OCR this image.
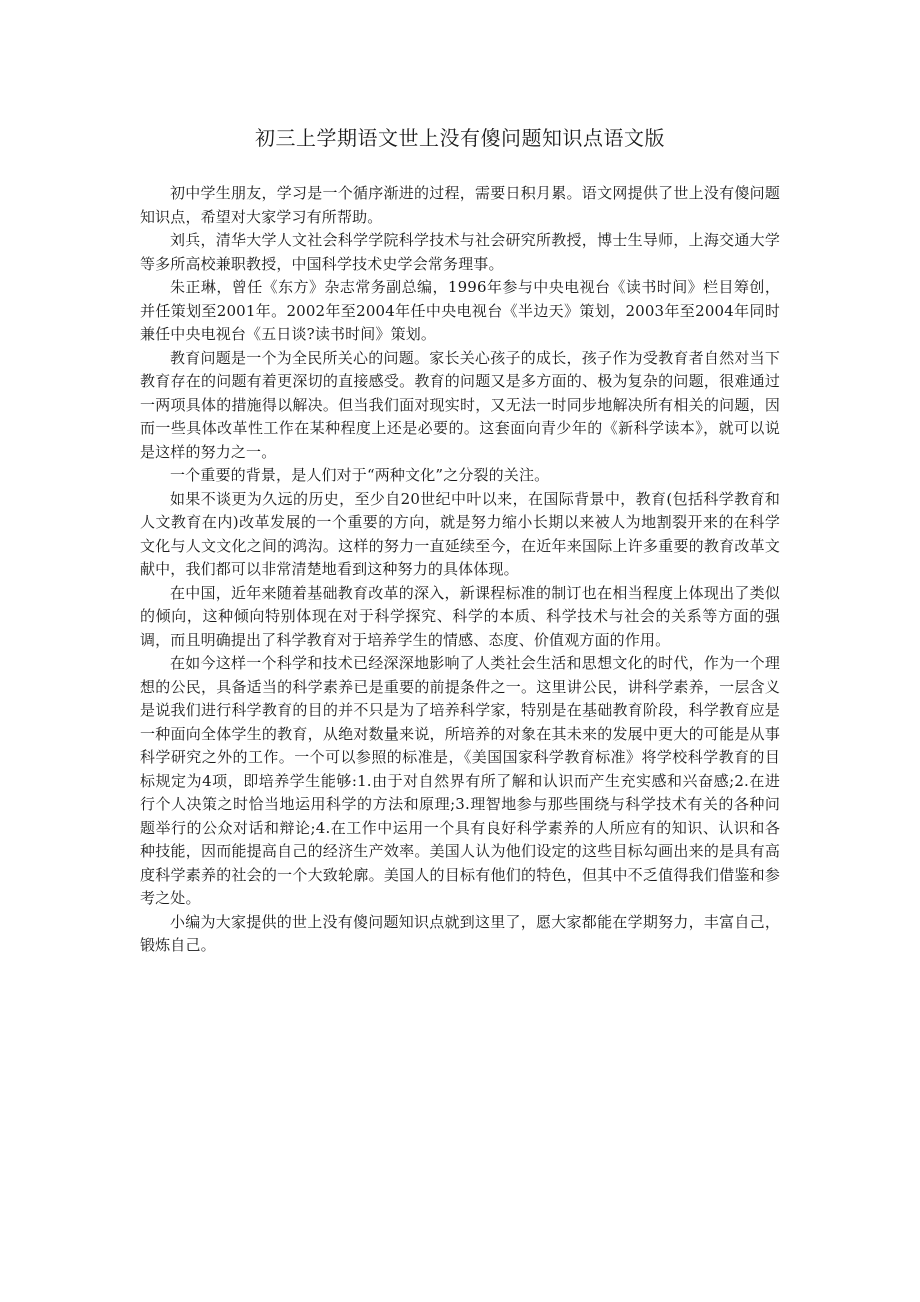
初三上学期语文世上没有傻问题知识点语文版

初中学生朋友，学习是一个循序渐进的过程，需要日积月累。语文网提供了世上没有傻问题知识点，希望对大家学习有所帮助。

刘兵，清华大学人文社会科学学院科学技术与社会研究所教授，博士生导师，上海交通大学等多所高校兼职教授，中国科学技术史学会常务理事。

朱正琳，曾任《东方》杂志常务副总编，1996年参与中央电视台《读书时间》栏目筹创，并任策划至2001年。2002年至2004年任中央电视台《半边天》策划，2003年至2004年同时兼任中央电视台《五日谈?读书时间》策划。

教育问题是一个为全民所关心的问题。家长关心孩子的成长，孩子作为受教育者自然对当下教育存在的问题有着更深切的直接感受。教育的问题又是多方面的、极为复杂的问题，很难通过一两项具体的措施得以解决。但当我们面对现实时，又无法一时同步地解决所有相关的问题，因而一些具体改革性工作在某种程度上还是必要的。这套面向青少年的《新科学读本》，就可以说是这样的努力之一。

一个重要的背景，是人们对于“两种文化”之分裂的关注。

如果不谈更为久远的历史，至少自20世纪中叶以来，在国际背景中，教育(包括科学教育和人文教育在内)改革发展的一个重要的方向，就是努力缩小长期以来被人为地割裂开来的在科学文化与人文文化之间的鸿沟。这样的努力一直延续至今，在近年来国际上许多重要的教育改革文献中，我们都可以非常清楚地看到这种努力的具体体现。

在中国，近年来随着基础教育改革的深入，新课程标准的制订也在相当程度上体现出了类似的倾向，这种倾向特别体现在对于科学探究、科学的本质、科学技术与社会的关系等方面的强调，而且明确提出了科学教育对于培养学生的情感、态度、价值观方面的作用。

在如今这样一个科学和技术已经深深地影响了人类社会生活和思想文化的时代，作为一个理想的公民，具备适当的科学素养已是重要的前提条件之一。这里讲公民，讲科学素养，一层含义是说我们进行科学教育的目的并不只是为了培养科学家，特别是在基础教育阶段，科学教育应是一种面向全体学生的教育，从绝对数量来说，所培养的对象在其未来的发展中更大的可能是从事科学研究之外的工作。一个可以参照的标准是，《美国国家科学教育标准》将学校科学教育的目标规定为4项，即培养学生能够:1.由于对自然界有所了解和认识而产生充实感和兴奋感;2.在进行个人决策之时恰当地运用科学的方法和原理;3.理智地参与那些围绕与科学技术有关的各种问题举行的公众对话和辩论;4.在工作中运用一个具有良好科学素养的人所应有的知识、认识和各种技能，因而能提高自己的经济生产效率。美国人认为他们设定的这些目标勾画出来的是具有高度科学素养的社会的一个大致轮廓。美国人的目标有他们的特色，但其中不乏值得我们借鉴和参考之处。

小编为大家提供的世上没有傻问题知识点就到这里了，愿大家都能在学期努力，丰富自己，锻炼自己。
